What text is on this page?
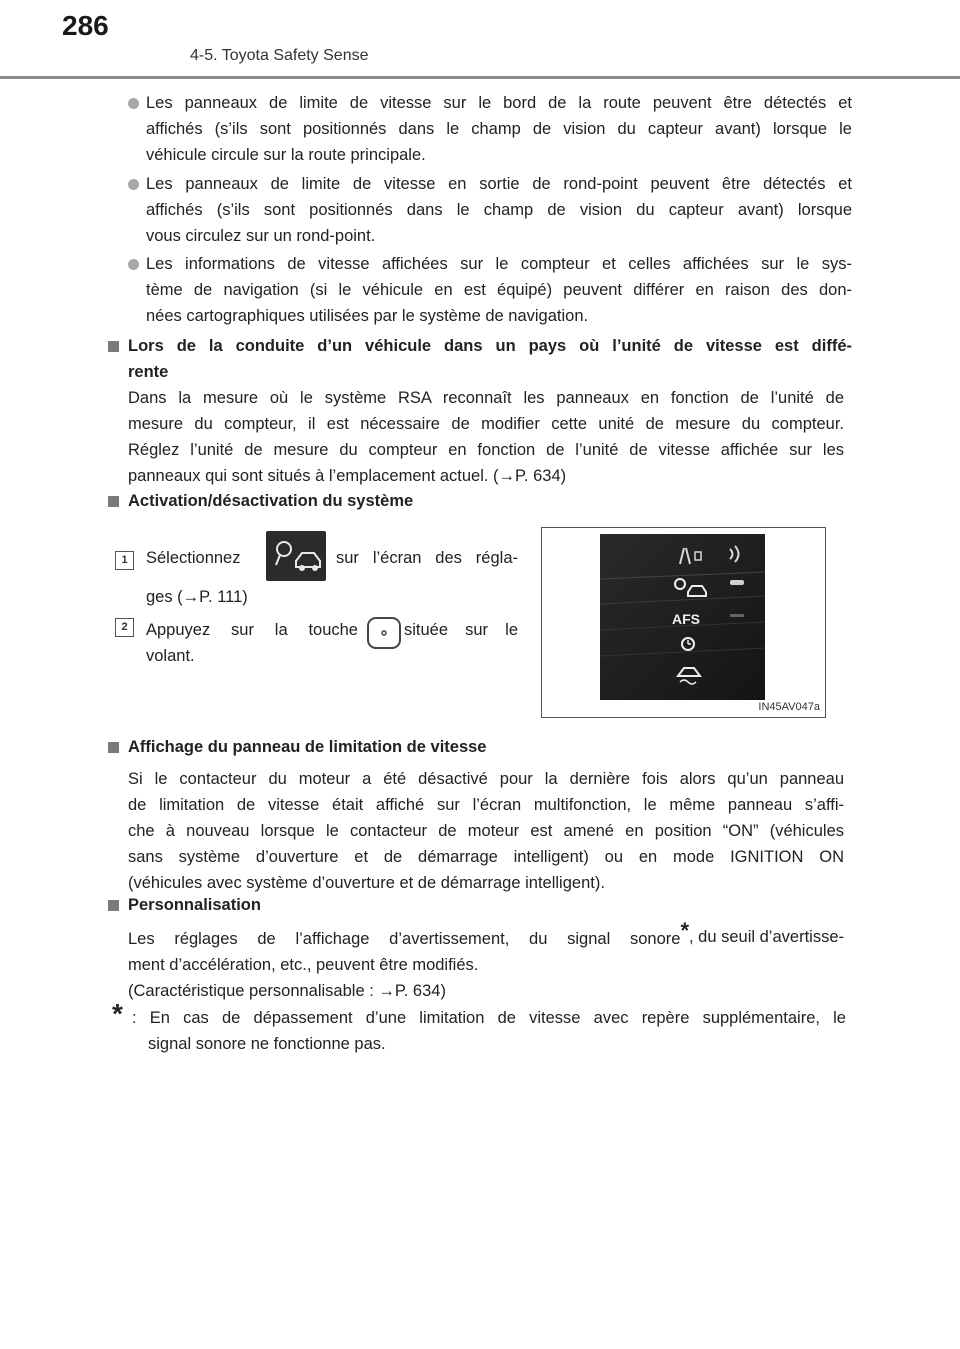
286
4-5. Toyota Safety Sense
Les panneaux de limite de vitesse sur le bord de la route peuvent être détectés et
affichés (s’ils sont positionnés dans le champ de vision du capteur avant) lorsque le
véhicule circule sur la route principale.
Les panneaux de limite de vitesse en sortie de rond-point peuvent être détectés et
affichés (s’ils sont positionnés dans le champ de vision du capteur avant) lorsque
vous circulez sur un rond-point.
Les informations de vitesse affichées sur le compteur et celles affichées sur le sys-
tème de navigation (si le véhicule en est équipé) peuvent différer en raison des don-
nées cartographiques utilisées par le système de navigation.
Lors de la conduite d’un véhicule dans un pays où l’unité de vitesse est diffé-
rente
Dans la mesure où le système RSA reconnaît les panneaux en fonction de l’unité de
mesure du compteur, il est nécessaire de modifier cette unité de mesure du compteur.
Réglez l’unité de mesure du compteur en fonction de l’unité de vitesse affichée sur les
panneaux qui sont situés à l’emplacement actuel. (→P. 634)
Activation/désactivation du système
1	Sélectionnez	sur l’écran des régla-
ges (→P. 111)
2	Appuyez sur la touche	située sur le
volant.
AFS
IN45AV047a
Affichage du panneau de limitation de vitesse
Si le contacteur du moteur a été désactivé pour la dernière fois alors qu’un panneau
de limitation de vitesse était affiché sur l’écran multifonction, le même panneau s’affi-
che à nouveau lorsque le contacteur de moteur est amené en position “ON” (véhicules
sans système d’ouverture et de démarrage intelligent) ou en mode IGNITION ON
(véhicules avec système d’ouverture et de démarrage intelligent).
Personnalisation
Les réglages de l’affichage d’avertissement, du signal sonore* , du seuil d’avertisse-
ment d’accélération, etc., peuvent être modifiés.
(Caractéristique personnalisable : →P. 634)
* : En cas de dépassement d’une limitation de vitesse avec repère supplémentaire, le
signal sonore ne fonctionne pas.
